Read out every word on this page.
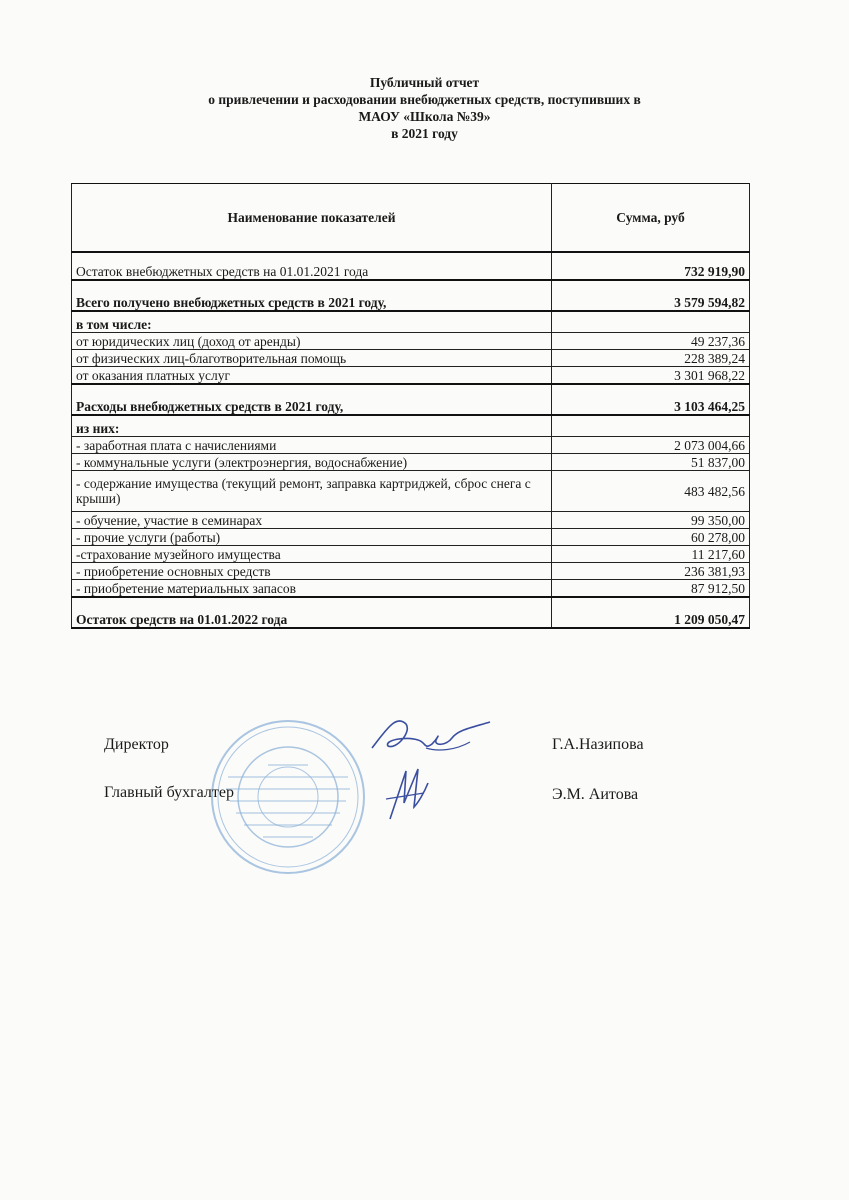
Публичный отчет
о привлечении и расходовании внебюджетных средств, поступивших в
МАОУ «Школа №39»
в 2021 году
Наименование показателей	Сумма, руб
Остаток внебюджетных средств на 01.01.2021 года	732 919,90
Всего получено внебюджетных средств в 2021 году,	3 579 594,82
в том числе:	
от юридических лиц (доход от аренды)	49 237,36
от физических лиц-благотворительная помощь	228 389,24
от оказания платных услуг	3 301 968,22
Расходы внебюджетных средств в 2021 году,	3 103 464,25
из них:	
- заработная плата с начислениями	2 073 004,66
- коммунальные услуги (электроэнергия, водоснабжение)	51 837,00
- содержание имущества (текущий ремонт, заправка картриджей, сброс снега с крыши)	483 482,56
- обучение, участие в семинарах	99 350,00
- прочие услуги (работы)	60 278,00
-страхование музейного имущества	11 217,60
- приобретение основных средств	236 381,93
- приобретение материальных запасов	87 912,50
Остаток средств на 01.01.2022 года	1 209 050,47
Директор	Г.А.Назипова
Главный бухгалтер	Э.М. Аитова
